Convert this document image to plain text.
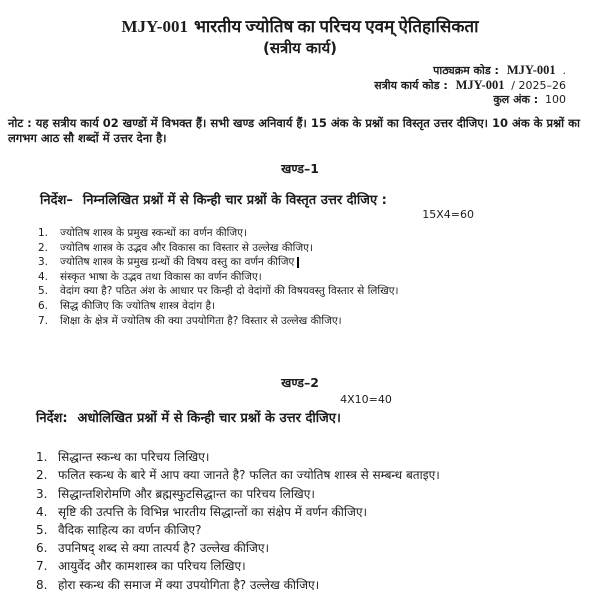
MJY-001 भारतीय ज्योतिष का परिचय एवम् ऐतिहासिकता
(सत्रीय कार्य)
पाठ्यक्रम कोड : MJY-001 .
सत्रीय कार्य कोड : MJY-001 / 2025–26
कुल अंक : 100
नोट : यह सत्रीय कार्य 02 खण्डों में विभक्त हैं। सभी खण्ड अनिवार्य हैं। 15 अंक के प्रश्नों का विस्तृत उत्तर दीजिए। 10 अंक के प्रश्नों का लगभग आठ सौ शब्दों में उत्तर देना है।
खण्ड–1
निर्देश– निम्नलिखित प्रश्नों में से किन्ही चार प्रश्नों के विस्तृत उत्तर दीजिए :
15X4=60
1.	ज्योतिष शास्त्र के प्रमुख स्कन्धों का वर्णन कीजिए।
2.	ज्योतिष शास्त्र के उद्भव और विकास का विस्तार से उल्लेख कीजिए।
3.	ज्योतिष शास्त्र के प्रमुख ग्रन्थों की विषय वस्तु का वर्णन कीजिए
4.	संस्कृत भाषा के उद्भव तथा विकास का वर्णन कीजिए।
5.	वेदांग क्या है? पठित अंश के आधार पर किन्ही दो वेदांगों की विषयवस्तु विस्तार से लिखिए।
6.	सिद्ध कीजिए कि ज्योतिष शास्त्र वेदांग है।
7.	शिक्षा के क्षेत्र में ज्योतिष की क्या उपयोगिता है? विस्तार से उल्लेख कीजिए।
खण्ड–2
4X10=40
निर्देश: अधोलिखित प्रश्नों में से किन्ही चार प्रश्नों के उत्तर दीजिए।
1. सिद्धान्त स्कन्ध का परिचय लिखिए।
2. फलित स्कन्ध के बारे में आप क्या जानते है? फलित का ज्योतिष शास्त्र से सम्बन्ध बताइए।
3. सिद्धान्तशिरोमणि और ब्रह्मस्फुटसिद्धान्त का परिचय लिखिए।
4. सृष्टि की उत्पत्ति के विभिन्न भारतीय सिद्धान्तों का संक्षेप में वर्णन कीजिए।
5. वैदिक साहित्य का वर्णन कीजिए?
6. उपनिषद् शब्द से क्या तात्पर्य है? उल्लेख कीजिए।
7. आयुर्वेद और कामशास्त्र का परिचय लिखिए।
8. होरा स्कन्ध की समाज में क्या उपयोगिता है? उल्लेख कीजिए।
